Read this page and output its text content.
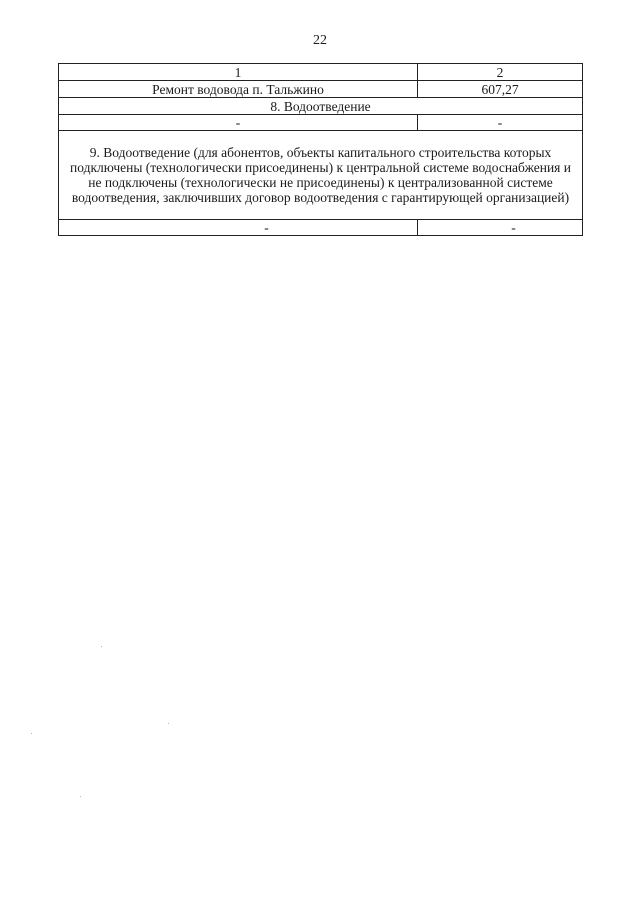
22
1	2
Ремонт водовода п. Тальжино	607,27
8. Водоотведение	
-	-
9. Водоотведение (для абонентов, объекты капитального строительства которых подключены (технологически присоединены) к центральной системе водоснабжения и не подключены (технологически не присоединены) к централизованной системе водоотведения, заключивших договор водоотведения с гарантирующей организацией)	
-	-
